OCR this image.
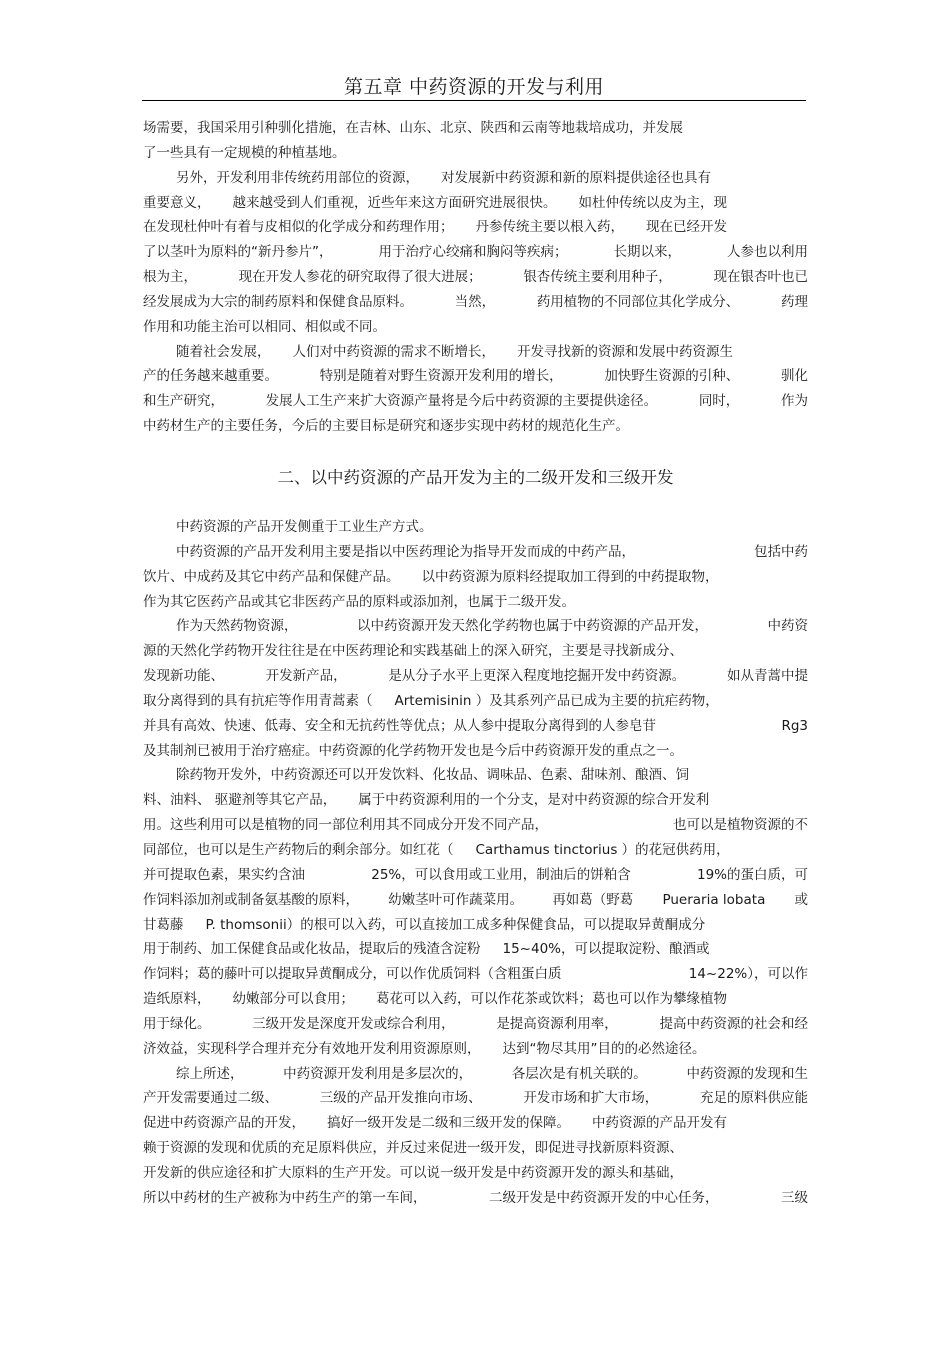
第五章 中药资源的开发与利用
场需要，我国采用引种驯化措施，在吉林、山东、北京、陕西和云南等地栽培成功，并发展
了一些具有一定规模的种植基地。
另外，开发利用非传统药用部位的资源， 对发展新中药资源和新的原料提供途径也具有
重要意义， 越来越受到人们重视，近些年来这方面研究进展很快。 如杜仲传统以皮为主，现
在发现杜仲叶有着与皮相似的化学成分和药理作用； 丹参传统主要以根入药， 现在已经开发
了以茎叶为原料的“新丹参片”，	用于治疗心绞痛和胸闷等疾病；	长期以来，	人参也以利用
根为主，	现在开发人参花的研究取得了很大进展；	银杏传统主要利用种子，	现在银杏叶也已
经发展成为大宗的制药原料和保健食品原料。	当然，	药用植物的不同部位其化学成分、	药理
作用和功能主治可以相同、相似或不同。
随着社会发展， 人们对中药资源的需求不断增长， 开发寻找新的资源和发展中药资源生
产的任务越来越重要。	特别是随着对野生资源开发利用的增长，	加快野生资源的引种、	驯化
和生产研究，	发展人工生产来扩大资源产量将是今后中药资源的主要提供途径。	同时，	作为
中药材生产的主要任务，今后的主要目标是研究和逐步实现中药材的规范化生产。
二、以中药资源的产品开发为主的二级开发和三级开发
中药资源的产品开发侧重于工业生产方式。
中药资源的产品开发利用主要是指以中医药理论为指导开发而成的中药产品，	包括中药
饮片、中成药及其它中药产品和保健产品。 以中药资源为原料经提取加工得到的中药提取物，
作为其它医药产品或其它非医药产品的原料或添加剂，也属于二级开发。
作为天然药物资源，	以中药资源开发天然化学药物也属于中药资源的产品开发，	中药资
源的天然化学药物开发往往是在中医药理论和实践基础上的深入研究，主要是寻找新成分、
发现新功能、	开发新产品，	是从分子水平上更深入程度地挖掘开发中药资源。	如从青蒿中提
取分离得到的具有抗疟等作用青蒿素（ Artemisinin ）及其系列产品已成为主要的抗疟药物，
并具有高效、快速、低毒、安全和无抗药性等优点；从人参中提取分离得到的人参皂苷	Rg3
及其制剂已被用于治疗癌症。中药资源的化学药物开发也是今后中药资源开发的重点之一。
除药物开发外，中药资源还可以开发饮料、化妆品、调味品、色素、甜味剂、酿酒、饲
料、油料、 驱避剂等其它产品， 属于中药资源利用的一个分支，是对中药资源的综合开发利
用。这些利用可以是植物的同一部位利用其不同成分开发不同产品，	也可以是植物资源的不
同部位，也可以是生产药物后的剩余部分。如红花（ Carthamus tinctorius ）的花冠供药用，
并可提取色素，果实约含油	25%，可以食用或工业用，制油后的饼粕含	19%的蛋白质，可
作饲料添加剂或制备氨基酸的原料， 幼嫩茎叶可作蔬菜用。 再如葛（野葛 Pueraria lobata 或
甘葛藤 P. thomsonii）的根可以入药，可以直接加工成多种保健食品，可以提取异黄酮成分
用于制药、加工保健食品或化妆品，提取后的残渣含淀粉 15~40%，可以提取淀粉、酿酒或
作饲料；葛的藤叶可以提取异黄酮成分，可以作优质饲料（含粗蛋白质	14~22%），可以作
造纸原料， 幼嫩部分可以食用； 葛花可以入药，可以作花茶或饮料；葛也可以作为攀缘植物
用于绿化。	三级开发是深度开发或综合利用，	是提高资源利用率，	提高中药资源的社会和经
济效益，实现科学合理并充分有效地开发利用资源原则， 达到“物尽其用”目的的必然途径。
综上所述，	中药资源开发利用是多层次的，	各层次是有机关联的。	中药资源的发现和生
产开发需要通过二级、	三级的产品开发推向市场、	开发市场和扩大市场，	充足的原料供应能
促进中药资源产品的开发， 搞好一级开发是二级和三级开发的保障。 中药资源的产品开发有
赖于资源的发现和优质的充足原料供应，并反过来促进一级开发，即促进寻找新原料资源、
开发新的供应途径和扩大原料的生产开发。可以说一级开发是中药资源开发的源头和基础，
所以中药材的生产被称为中药生产的第一车间，	二级开发是中药资源开发的中心任务，	三级
